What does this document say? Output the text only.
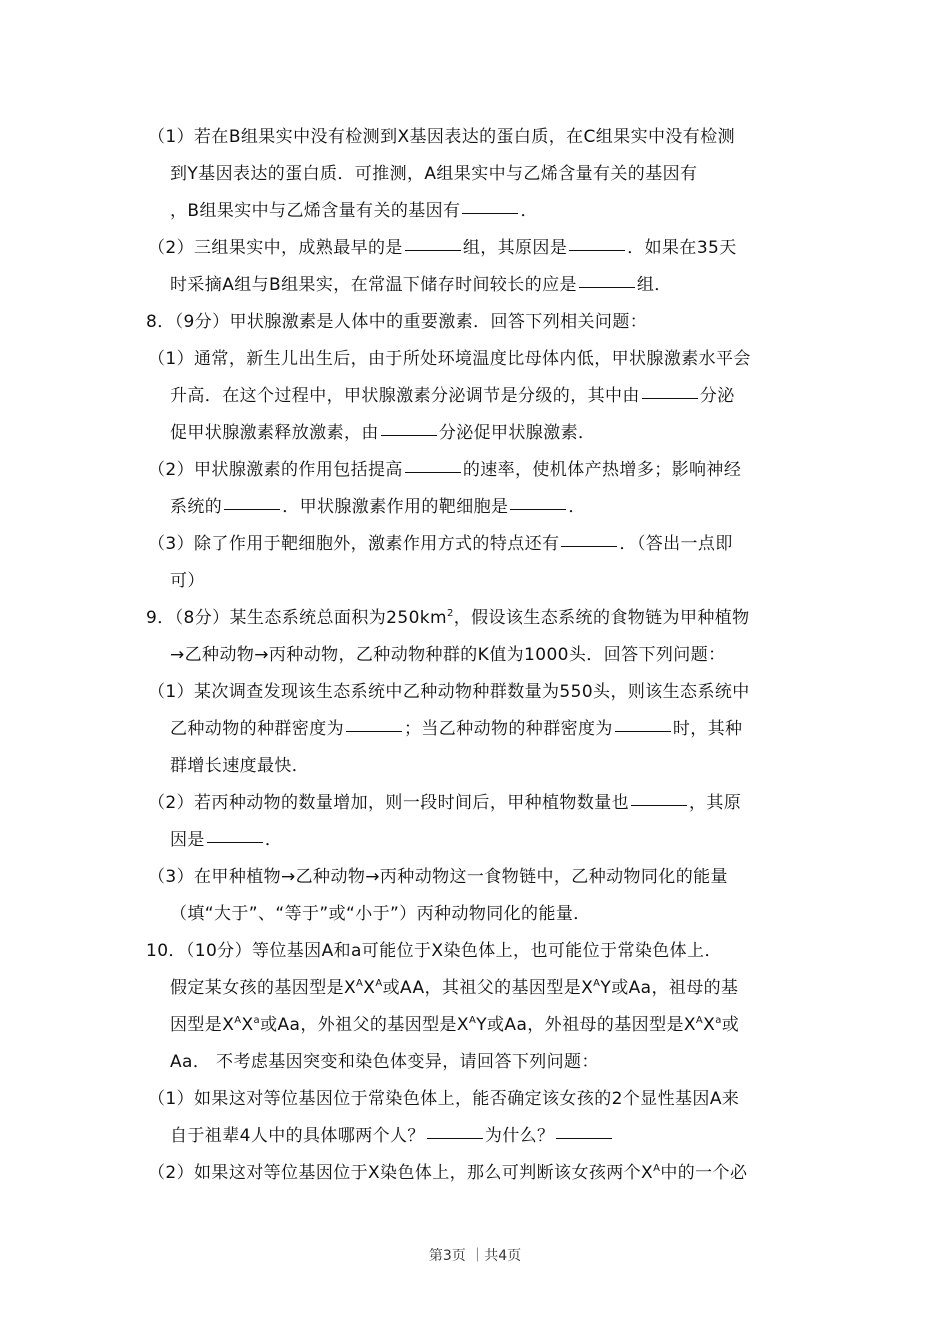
（1）若在B组果实中没有检测到X基因表达的蛋白质，在C组果实中没有检测
到Y基因表达的蛋白质．可推测，A组果实中与乙烯含量有关的基因有
，B组果实中与乙烯含量有关的基因有	．
（2）三组果实中，成熟最早的是	组，其原因是	．如果在35天
时采摘A组与B组果实，在常温下储存时间较长的应是	组．
8．（9分）甲状腺激素是人体中的重要激素．回答下列相关问题：
（1）通常，新生儿出生后，由于所处环境温度比母体内低，甲状腺激素水平会
升高．在这个过程中，甲状腺激素分泌调节是分级的，其中由	分泌
促甲状腺激素释放激素，由	分泌促甲状腺激素．
（2）甲状腺激素的作用包括提高	的速率，使机体产热增多；影响神经
系统的	．甲状腺激素作用的靶细胞是	．
（3）除了作用于靶细胞外，激素作用方式的特点还有	．（答出一点即
可）
9．（8分）某生态系统总面积为$250km^2$，假设该生态系统的食物链为甲种植物
→乙种动物→丙种动物，乙种动物种群的K值为1000头．回答下列问题：
（1）某次调查发现该生态系统中乙种动物种群数量为550头，则该生态系统中
乙种动物的种群密度为	；当乙种动物的种群密度为	时，其种
群增长速度最快．
（2）若丙种动物的数量增加，则一段时间后，甲种植物数量也	，其原
因是	．
（3）在甲种植物→乙种动物→丙种动物这一食物链中，乙种动物同化的能量
（填“大于”、“等于”或“小于”）丙种动物同化的能量．
10．（10分）等位基因A和a可能位于X染色体上，也可能位于常染色体上．
假定某女孩的基因型是$X^AX^A$或AA，其祖父的基因型是$X^AY$或Aa，祖母的基
因型是$X^AX^a$或Aa，外祖父的基因型是$X^AY$或Aa，外祖母的基因型是$X^AX^a$或
Aa． 不考虑基因突变和染色体变异，请回答下列问题：
（1）如果这对等位基因位于常染色体上，能否确定该女孩的2个显性基因A来
自于祖辈4人中的具体哪两个人？	为什么？
（2）如果这对等位基因位于X染色体上，那么可判断该女孩两个$X^A$中的一个必
第3页 ｜共4页
